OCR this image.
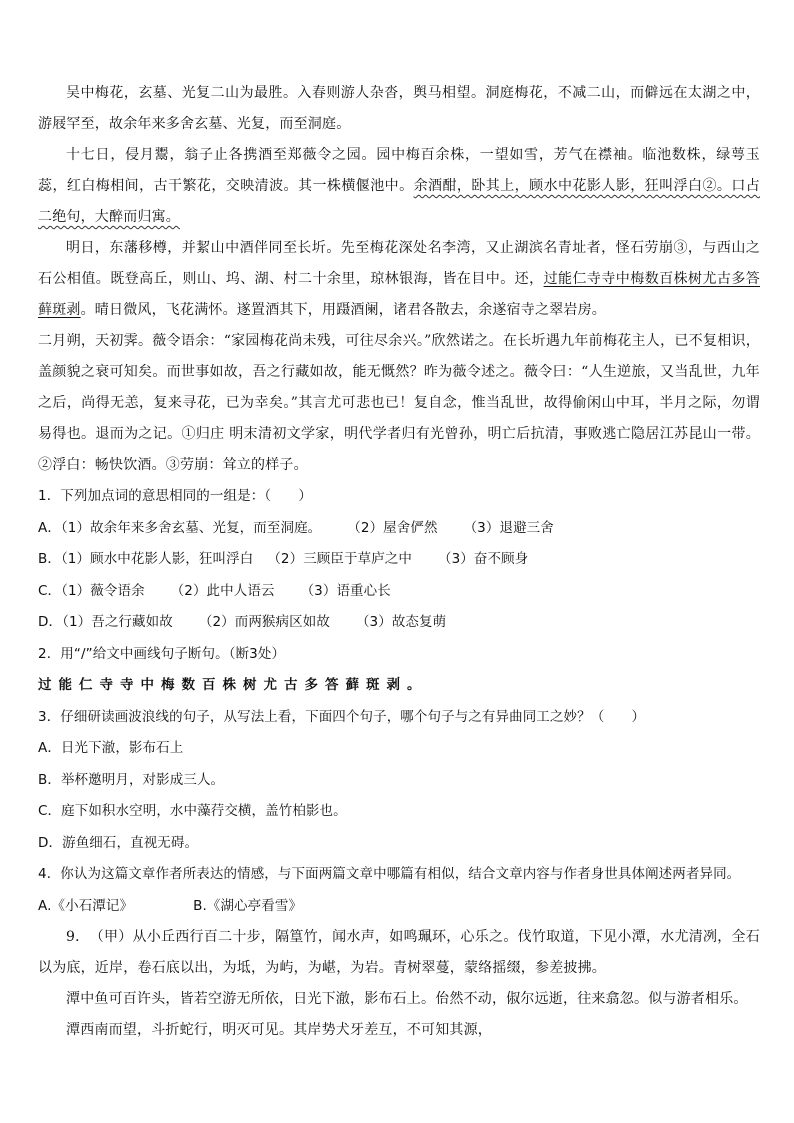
吴中梅花，玄墓、光复二山为最胜。入春则游人杂沓，舆马相望。洞庭梅花，不减二山，而僻远在太湖之中，游屐罕至，故余年来多舍玄墓、光复，而至洞庭。

十七日，侵月鬻，翁子止各携酒至郑薇令之园。园中梅百余株，一望如雪，芳气在襟袖。临池数株，绿萼玉蕊，红白梅相间，古干繁花，交映清波。其一株横偃池中。余酒酣，卧其上，顾水中花影人影，狂叫浮白②。口占二绝句，大醉而归寓。

明日，东藩移樽，并絜山中酒伴同至长圻。先至梅花深处名李湾，又止湖滨名青址者，怪石劳崩③，与西山之石公相值。既登高丘，则山、坞、湖、村二十余里，琼林银海，皆在目中。还，过能仁寺寺中梅数百株树尤古多答藓斑剥。晴日微风，飞花满怀。遂置酒其下，用蹑酒阑，诸君各散去，余遂宿寺之翠岩房。

二月朔，天初霁。薇令语余：“家园梅花尚未残，可往尽余兴。”欣然诺之。在长圻遇九年前梅花主人，已不复相识，盖颜貌之衰可知矣。而世事如故，吾之行藏如故，能无慨然？昨为薇令述之。薇令曰：“人生逆旅，又当乱世，九年之后，尚得无恙，复来寻花，已为幸矣。”其言尤可悲也已！复自念，惟当乱世，故得偷闲山中耳，半月之际，勿谓易得也。退而为之记。①归庄 明末清初文学家，明代学者归有光曾孙，明亡后抗清，事败逃亡隐居江苏昆山一带。②浮白：畅快饮酒。③劳崩：耸立的样子。

1．下列加点词的意思相同的一组是：（　　）

A．（1）故余年来多舍玄墓、光复，而至洞庭。 （2）屋舍俨然 （3）退避三舍

B．（1）顾水中花影人影，狂叫浮白 （2）三顾臣于草庐之中 （3）奋不顾身

C．（1）薇令语余 （2）此中人语云 （3）语重心长

D．（1）吾之行藏如故 （2）而两猴病区如故 （3）故态复萌

2．用“/”给文中画线句子断句。（断3处）

过能仁寺寺中梅数百株树尤古多答藓斑剥。

3．仔细研读画波浪线的句子，从写法上看，下面四个句子，哪个句子与之有异曲同工之妙？（　　）

A．日光下澈，影布石上

B．举杯邀明月，对影成三人。

C．庭下如积水空明，水中藻荇交横，盖竹柏影也。

D．游鱼细石，直视无碍。

4．你认为这篇文章作者所表达的情感，与下面两篇文章中哪篇有相似，结合文章内容与作者身世具体阐述两者异同。

A.《小石潭记》	B.《湖心亭看雪》

9．　（甲）从小丘西行百二十步，隔篁竹，闻水声，如鸣珮环，心乐之。伐竹取道，下见小潭，水尤清冽，全石以为底，近岸，卷石底以出，为坻，为屿，为嵁，为岩。青树翠蔓，蒙络摇缀，参差披拂。

潭中鱼可百许头，皆若空游无所依，日光下澈，影布石上。佁然不动，俶尔远逝，往来翕忽。似与游者相乐。

潭西南而望，斗折蛇行，明灭可见。其岸势犬牙差互，不可知其源，
